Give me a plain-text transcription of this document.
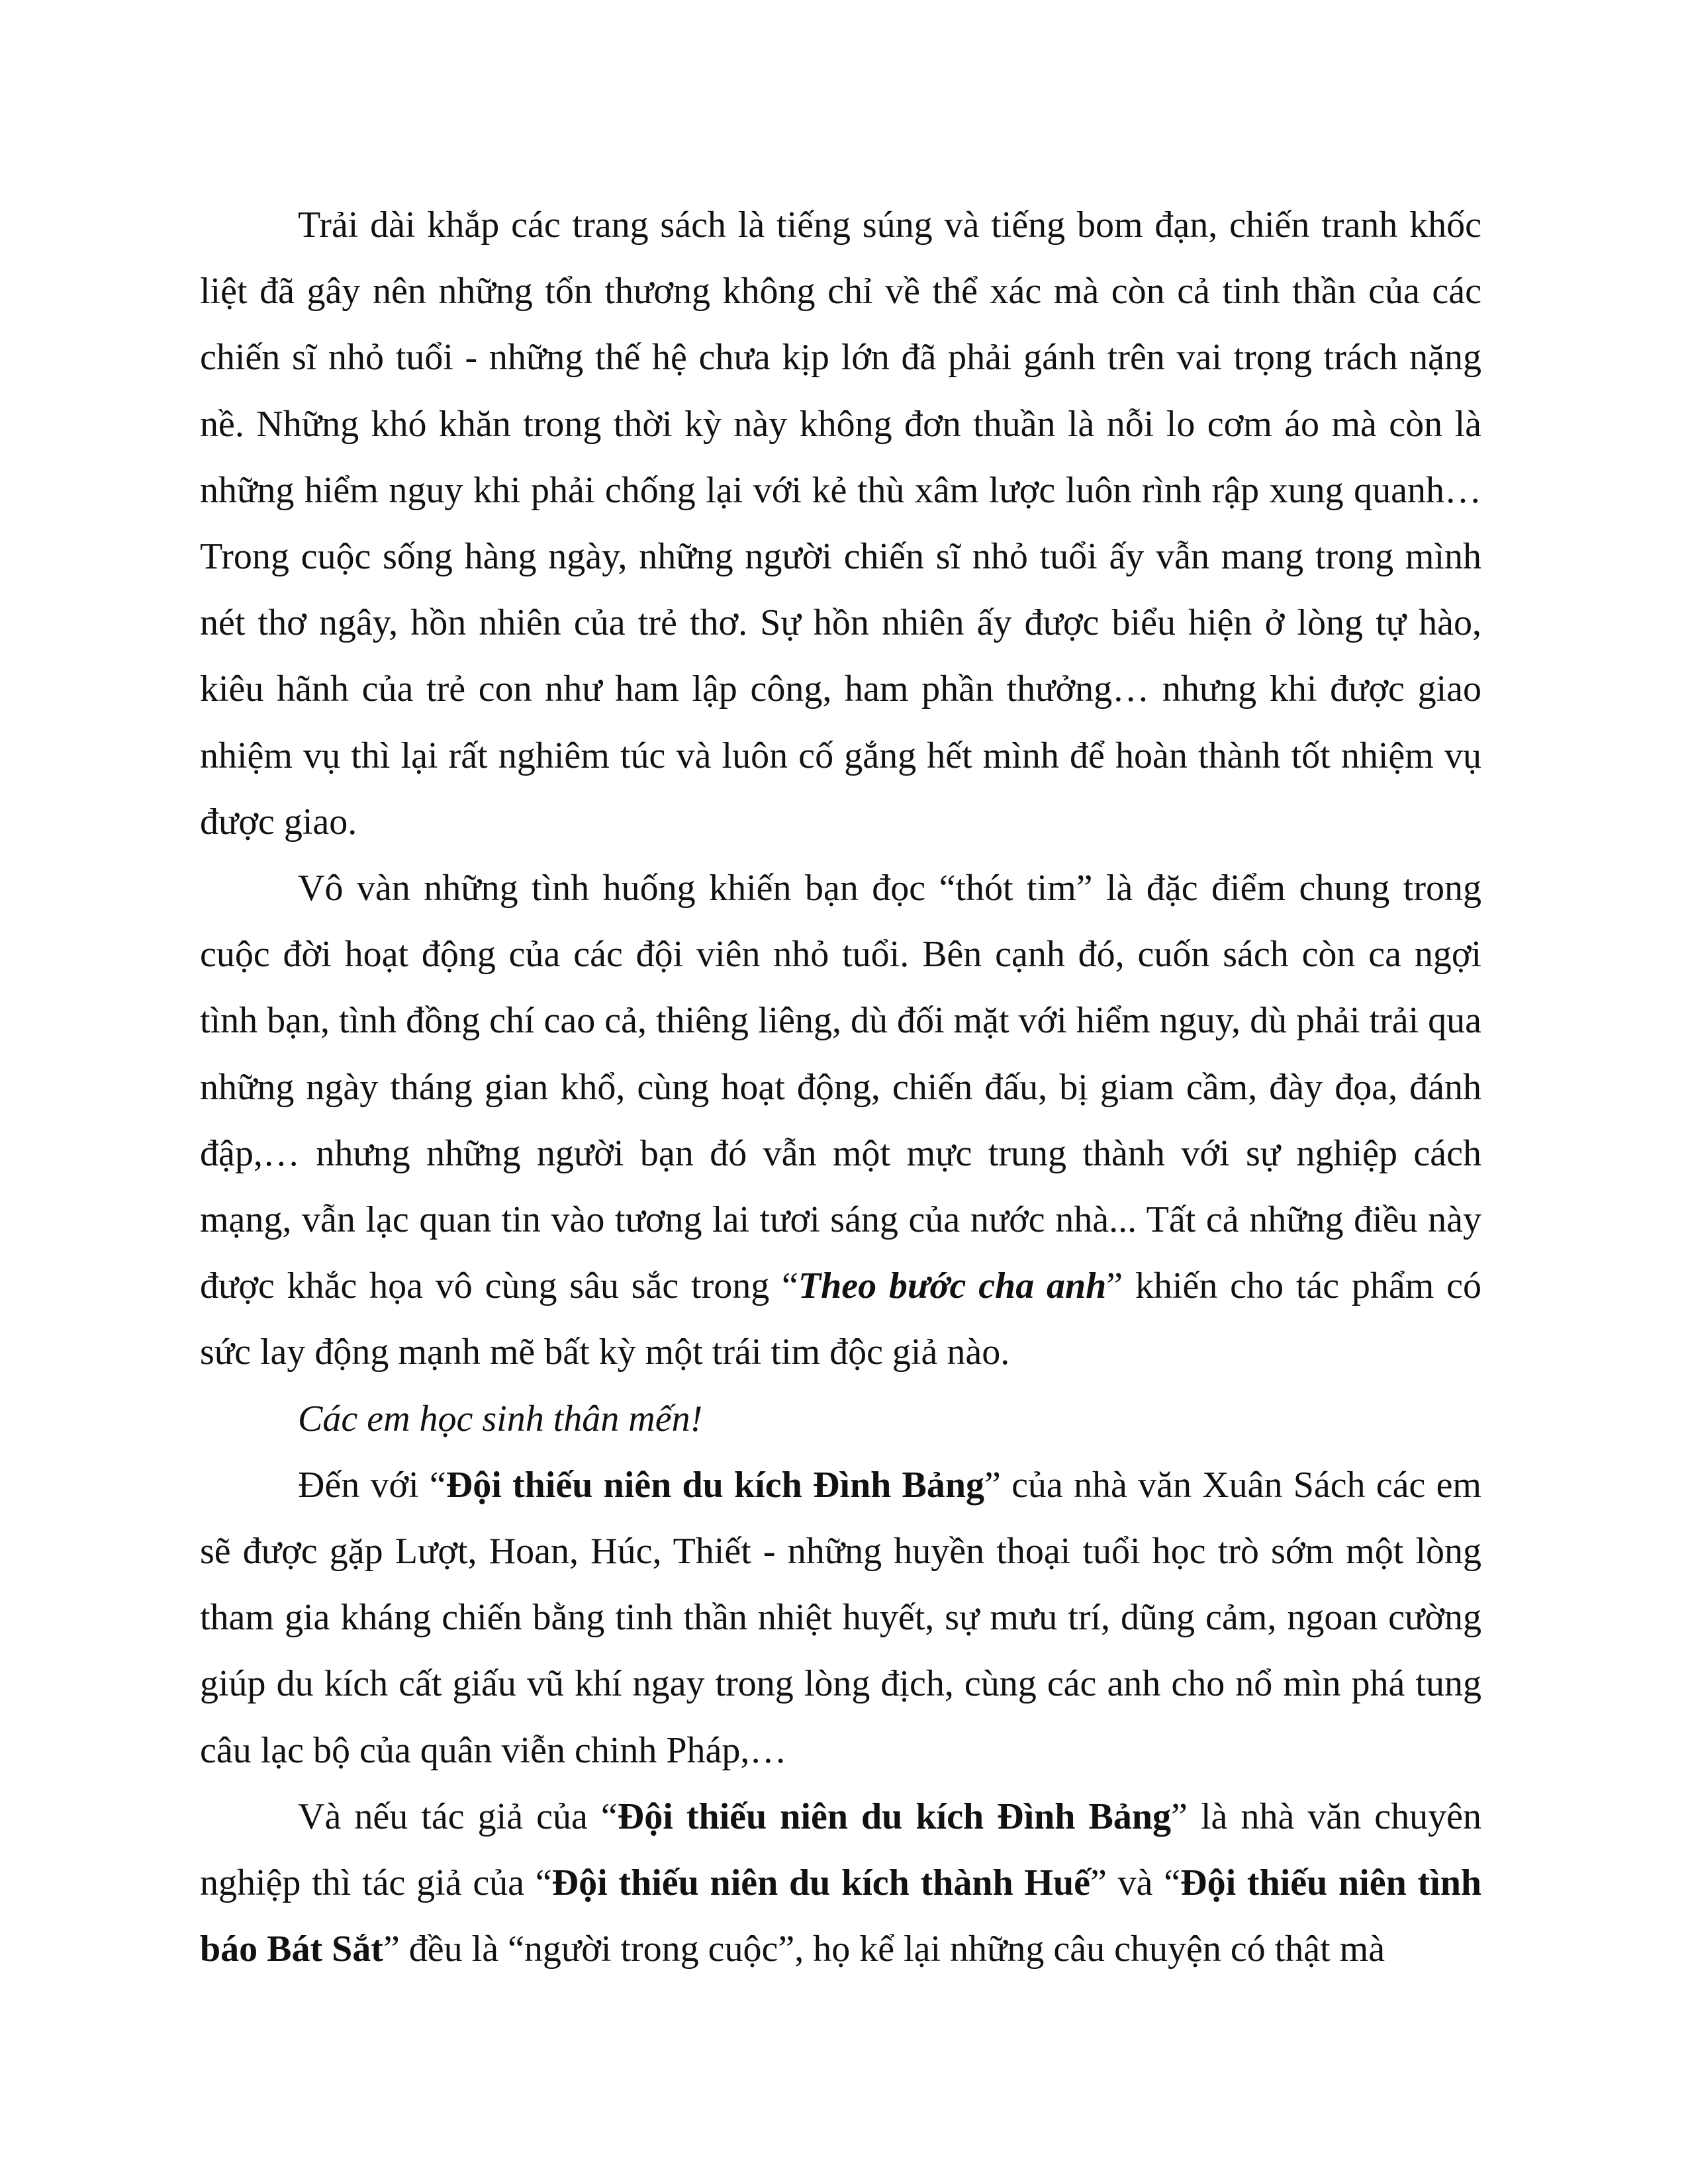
Trải dài khắp các trang sách là tiếng súng và tiếng bom đạn, chiến tranh khốc liệt đã gây nên những tổn thương không chỉ về thể xác mà còn cả tinh thần của các chiến sĩ nhỏ tuổi - những thế hệ chưa kịp lớn đã phải gánh trên vai trọng trách nặng nề. Những khó khăn trong thời kỳ này không đơn thuần là nỗi lo cơm áo mà còn là những hiểm nguy khi phải chống lại với kẻ thù xâm lược luôn rình rập xung quanh… Trong cuộc sống hàng ngày, những người chiến sĩ nhỏ tuổi ấy vẫn mang trong mình nét thơ ngây, hồn nhiên của trẻ thơ. Sự hồn nhiên ấy được biểu hiện ở lòng tự hào, kiêu hãnh của trẻ con như ham lập công, ham phần thưởng… nhưng khi được giao nhiệm vụ thì lại rất nghiêm túc và luôn cố gắng hết mình để hoàn thành tốt nhiệm vụ được giao.

Vô vàn những tình huống khiến bạn đọc “thót tim” là đặc điểm chung trong cuộc đời hoạt động của các đội viên nhỏ tuổi. Bên cạnh đó, cuốn sách còn ca ngợi tình bạn, tình đồng chí cao cả, thiêng liêng, dù đối mặt với hiểm nguy, dù phải trải qua những ngày tháng gian khổ, cùng hoạt động, chiến đấu, bị giam cầm, đày đọa, đánh đập,… nhưng những người bạn đó vẫn một mực trung thành với sự nghiệp cách mạng, vẫn lạc quan tin vào tương lai tươi sáng của nước nhà... Tất cả những điều này được khắc họa vô cùng sâu sắc trong “Theo bước cha anh” khiến cho tác phẩm có sức lay động mạnh mẽ bất kỳ một trái tim độc giả nào.

Các em học sinh thân mến!

Đến với “Đội thiếu niên du kích Đình Bảng” của nhà văn Xuân Sách các em sẽ được gặp Lượt, Hoan, Húc, Thiết - những huyền thoại tuổi học trò sớm một lòng tham gia kháng chiến bằng tinh thần nhiệt huyết, sự mưu trí, dũng cảm, ngoan cường giúp du kích cất giấu vũ khí ngay trong lòng địch, cùng các anh cho nổ mìn phá tung câu lạc bộ của quân viễn chinh Pháp,…

Và nếu tác giả của “Đội thiếu niên du kích Đình Bảng” là nhà văn chuyên nghiệp thì tác giả của “Đội thiếu niên du kích thành Huế” và “Đội thiếu niên tình báo Bát Sắt” đều là “người trong cuộc”, họ kể lại những câu chuyện có thật mà
